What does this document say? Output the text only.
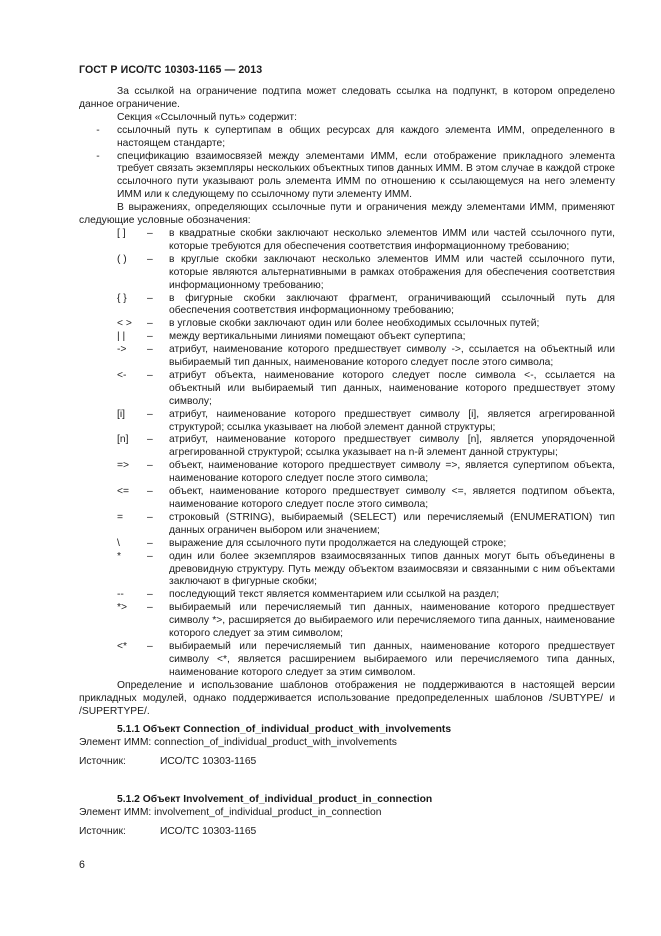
ГОСТ Р ИСО/ТС 10303-1165 — 2013

За ссылкой на ограничение подтипа может следовать ссылка на подпункт, в котором определено данное ограничение.

Секция «Ссылочный путь» содержит:

-	ссылочный путь к супертипам в общих ресурсах для каждого элемента ИММ, определенного в настоящем стандарте;
-	спецификацию взаимосвязей между элементами ИММ, если отображение прикладного элемента требует связать экземпляры нескольких объектных типов данных ИММ. В этом случае в каждой строке ссылочного пути указывают роль элемента ИММ по отношению к ссылающемуся на него элементу ИММ или к следующему по ссылочному пути элементу ИММ.

В выражениях, определяющих ссылочные пути и ограничения между элементами ИММ, применяют следующие условные обозначения:

[ ]	–	в квадратные скобки заключают несколько элементов ИММ или частей ссылочного пути, которые требуются для обеспечения соответствия информационному требованию;
( )	–	в круглые скобки заключают несколько элементов ИММ или частей ссылочного пути, которые являются альтернативными в рамках отображения для обеспечения соответствия информационному требованию;
{ }	–	в фигурные скобки заключают фрагмент, ограничивающий ссылочный путь для обеспечения соответствия информационному требованию;
< >	–	в угловые скобки заключают один или более необходимых ссылочных путей;
| |	–	между вертикальными линиями помещают объект супертипа;
->	–	атрибут, наименование которого предшествует символу ->, ссылается на объектный или выбираемый тип данных, наименование которого следует после этого символа;
<-	–	атрибут объекта, наименование которого следует после символа <-, ссылается на объектный или выбираемый тип данных, наименование которого предшествует этому символу;
[i]	–	атрибут, наименование которого предшествует символу [i], является агрегированной структурой; ссылка указывает на любой элемент данной структуры;
[n]	–	атрибут, наименование которого предшествует символу [n], является упорядоченной агрегированной структурой; ссылка указывает на n-й элемент данной структуры;
=>	–	объект, наименование которого предшествует символу =>, является супертипом объекта, наименование которого следует после этого символа;
<=	–	объект, наименование которого предшествует символу <=, является подтипом объекта, наименование которого следует после этого символа;
=	–	строковый (STRING), выбираемый (SELECT) или перечисляемый (ENUMERATION) тип данных ограничен выбором или значением;
\	–	выражение для ссылочного пути продолжается на следующей строке;
*	–	один или более экземпляров взаимосвязанных типов данных могут быть объединены в древовидную структуру. Путь между объектом взаимосвязи и связанными с ним объектами заключают в фигурные скобки;
--	–	последующий текст является комментарием или ссылкой на раздел;
*>	–	выбираемый или перечисляемый тип данных, наименование которого предшествует символу *>, расширяется до выбираемого или перечисляемого типа данных, наименование которого следует за этим символом;
<*	–	выбираемый или перечисляемый тип данных, наименование которого предшествует символу <*, является расширением выбираемого или перечисляемого типа данных, наименование которого следует за этим символом.

Определение и использование шаблонов отображения не поддерживаются в настоящей версии прикладных модулей, однако поддерживается использование предопределенных шаблонов /SUBTYPE/ и /SUPERTYPE/.

5.1.1 Объект Connection_of_individual_product_with_involvements
Элемент ИММ:
connection_of_individual_product_with_involvements
Источник:	ИСО/ТС 10303-1165
5.1.2 Объект Involvement_of_individual_product_in_connection
Элемент ИММ:
involvement_of_individual_product_in_connection
Источник:	ИСО/ТС 10303-1165
6
